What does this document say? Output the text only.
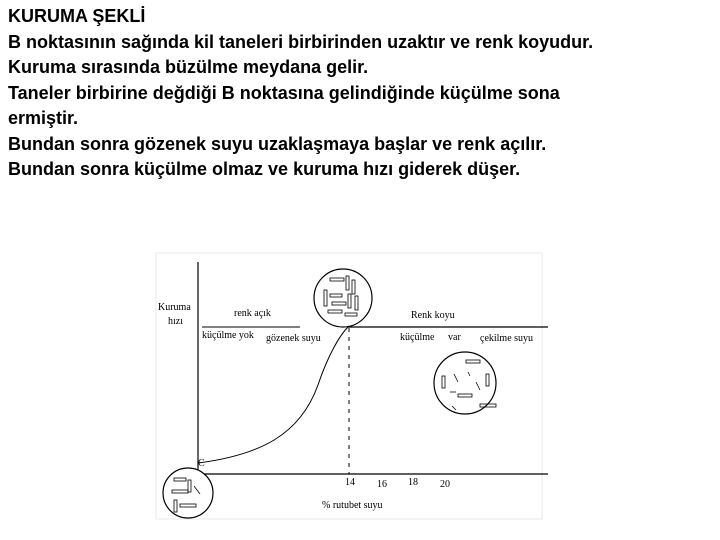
KURUMA ŞEKLİ
B noktasının sağında kil taneleri birbirinden uzaktır ve renk koyudur.
Kuruma sırasında büzülme meydana gelir.
Taneler birbirine değdiği B noktasına gelindiğinde küçülme sona
ermiştir.
Bundan sonra gözenek suyu uzaklaşmaya başlar ve renk açılır.
Bundan sonra küçülme olmaz ve kuruma hızı giderek düşer.
Kuruma
hızı
renk açık
küçülme yok gözenek suyu
Renk koyu
küçülme var çekilme suyu
C
14 16 18 20
% rutubet suyu
